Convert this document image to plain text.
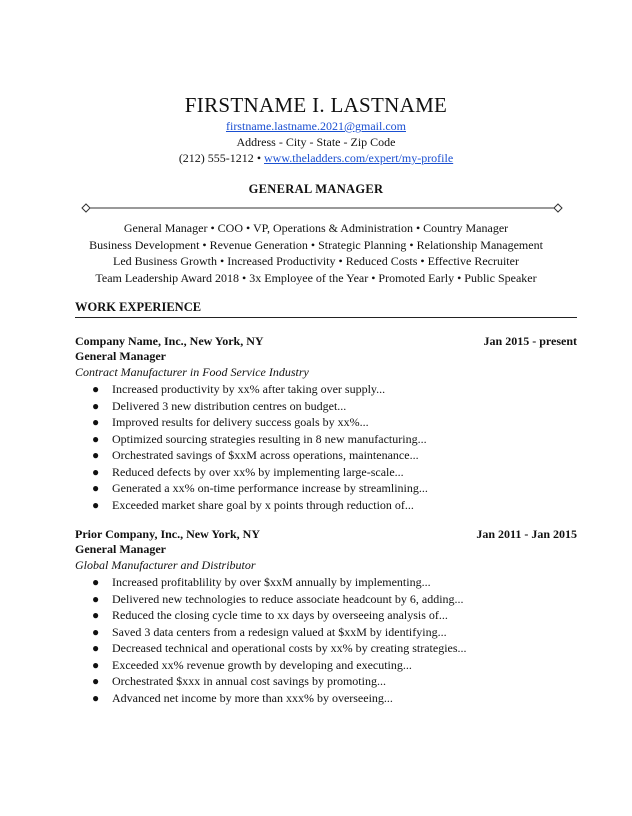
FIRSTNAME I. LASTNAME
firstname.lastname.2021@gmail.com
Address - City - State - Zip Code
(212) 555-1212 • www.theladders.com/expert/my-profile
GENERAL MANAGER
General Manager • COO • VP, Operations & Administration • Country Manager
Business Development • Revenue Generation • Strategic Planning • Relationship Management
Led Business Growth • Increased Productivity • Reduced Costs • Effective Recruiter
Team Leadership Award 2018 • 3x Employee of the Year • Promoted Early • Public Speaker
WORK EXPERIENCE
Company Name, Inc., New York, NY	Jan 2015 - present
General Manager
Contract Manufacturer in Food Service Industry
● Increased productivity by xx% after taking over supply...
● Delivered 3 new distribution centres on budget...
● Improved results for delivery success goals by xx%...
● Optimized sourcing strategies resulting in 8 new manufacturing...
● Orchestrated savings of $xxM across operations, maintenance...
● Reduced defects by over xx% by implementing large-scale...
● Generated a xx% on-time performance increase by streamlining...
● Exceeded market share goal by x points through reduction of...
Prior Company, Inc., New York, NY	Jan 2011 - Jan 2015
General Manager
Global Manufacturer and Distributor
● Increased profitablility by over $xxM annually by implementing...
● Delivered new technologies to reduce associate headcount by 6, adding...
● Reduced the closing cycle time to xx days by overseeing analysis of...
● Saved 3 data centers from a redesign valued at $xxM by identifying...
● Decreased technical and operational costs by xx% by creating strategies...
● Exceeded xx% revenue growth by developing and executing...
● Orchestrated $xxx in annual cost savings by promoting...
● Advanced net income by more than xxx% by overseeing...
